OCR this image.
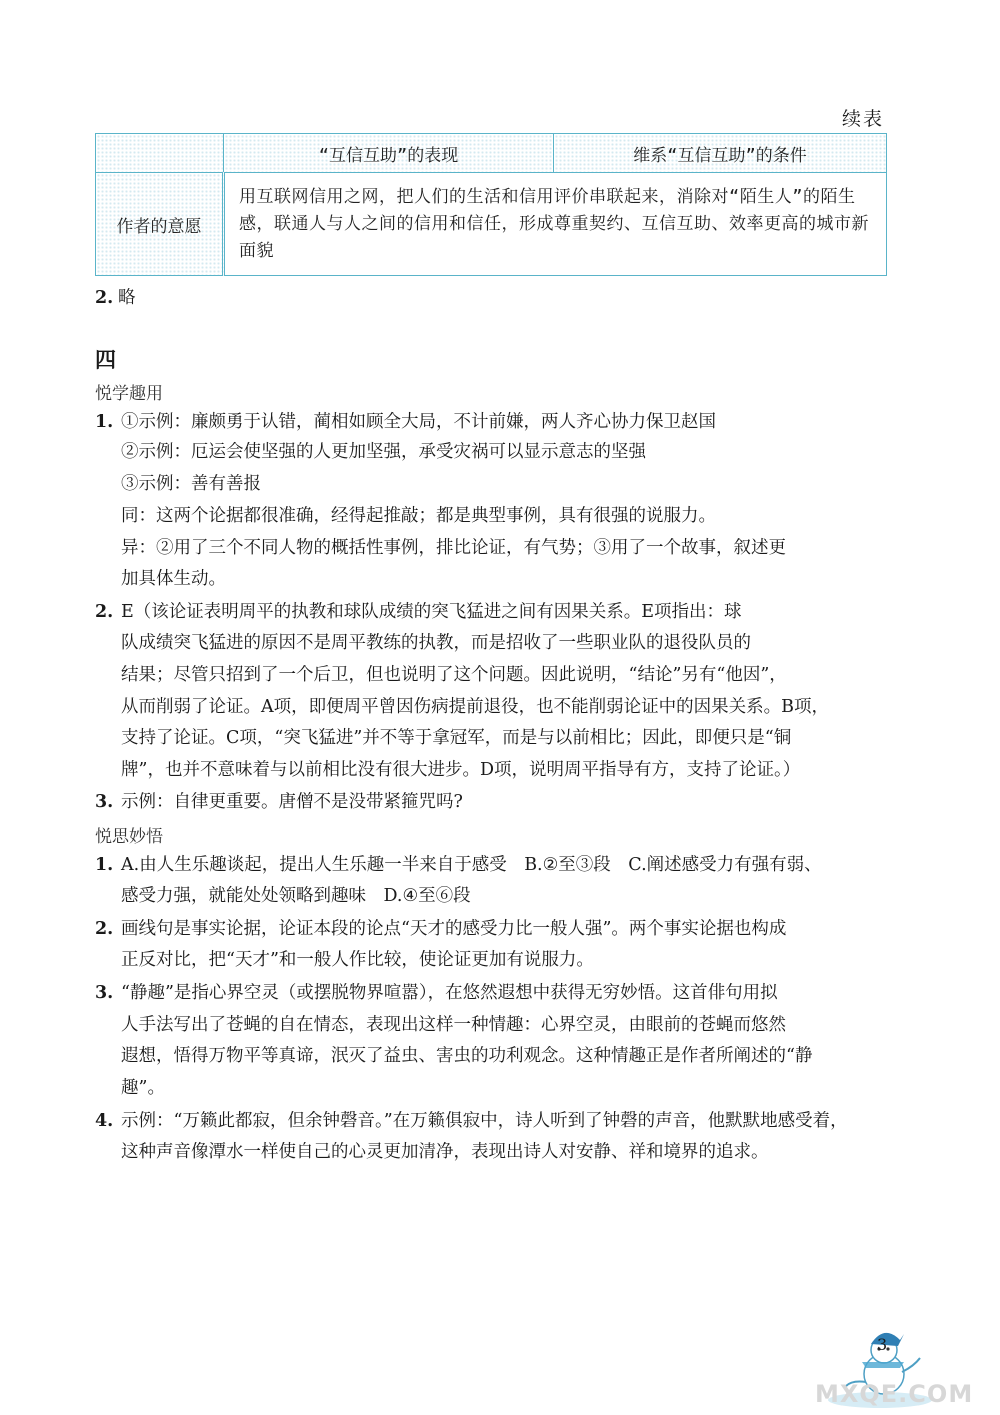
续表
	“互信互助”的表现	维系“互信互助”的条件
作者的意愿	用互联网信用之网，把人们的生活和信用评价串联起来，消除对“陌生人”的陌生感，联通人与人之间的信用和信任，形成尊重契约、互信互助、效率更高的城市新面貌	
2. 略
四
悦学趣用
1. ①示例：廉颇勇于认错，蔺相如顾全大局，不计前嫌，两人齐心协力保卫赵国
②示例：厄运会使坚强的人更加坚强，承受灾祸可以显示意志的坚强
③示例：善有善报
同：这两个论据都很准确，经得起推敲；都是典型事例，具有很强的说服力。
异：②用了三个不同人物的概括性事例，排比论证，有气势；③用了一个故事，叙述更
加具体生动。
2. E（该论证表明周平的执教和球队成绩的突飞猛进之间有因果关系。E项指出：球
队成绩突飞猛进的原因不是周平教练的执教，而是招收了一些职业队的退役队员的
结果；尽管只招到了一个后卫，但也说明了这个问题。因此说明，“结论”另有“他因”，
从而削弱了论证。A项，即便周平曾因伤病提前退役，也不能削弱论证中的因果关系。B项，
支持了论证。C项，“突飞猛进”并不等于拿冠军，而是与以前相比；因此，即便只是“铜
牌”，也并不意味着与以前相比没有很大进步。D项，说明周平指导有方，支持了论证。）
3. 示例：自律更重要。唐僧不是没带紧箍咒吗?
悦思妙悟
1. A.由人生乐趣谈起，提出人生乐趣一半来自于感受　B.②至③段　C.阐述感受力有强有弱、
感受力强，就能处处领略到趣味　D.④至⑥段
2. 画线句是事实论据，论证本段的论点“天才的感受力比一般人强”。两个事实论据也构成
正反对比，把“天才”和一般人作比较，使论证更加有说服力。
3. “静趣”是指心界空灵（或摆脱物界喧嚣），在悠然遐想中获得无穷妙悟。这首俳句用拟
人手法写出了苍蝇的自在情态，表现出这样一种情趣：心界空灵，由眼前的苍蝇而悠然
遐想，悟得万物平等真谛，泯灭了益虫、害虫的功利观念。这种情趣正是作者所阐述的“静
趣”。
4. 示例：“万籁此都寂，但余钟磬音。”在万籁俱寂中，诗人听到了钟磬的声音，他默默地感受着，
这种声音像潭水一样使自己的心灵更加清净，表现出诗人对安静、祥和境界的追求。
3
MXQE.COM
